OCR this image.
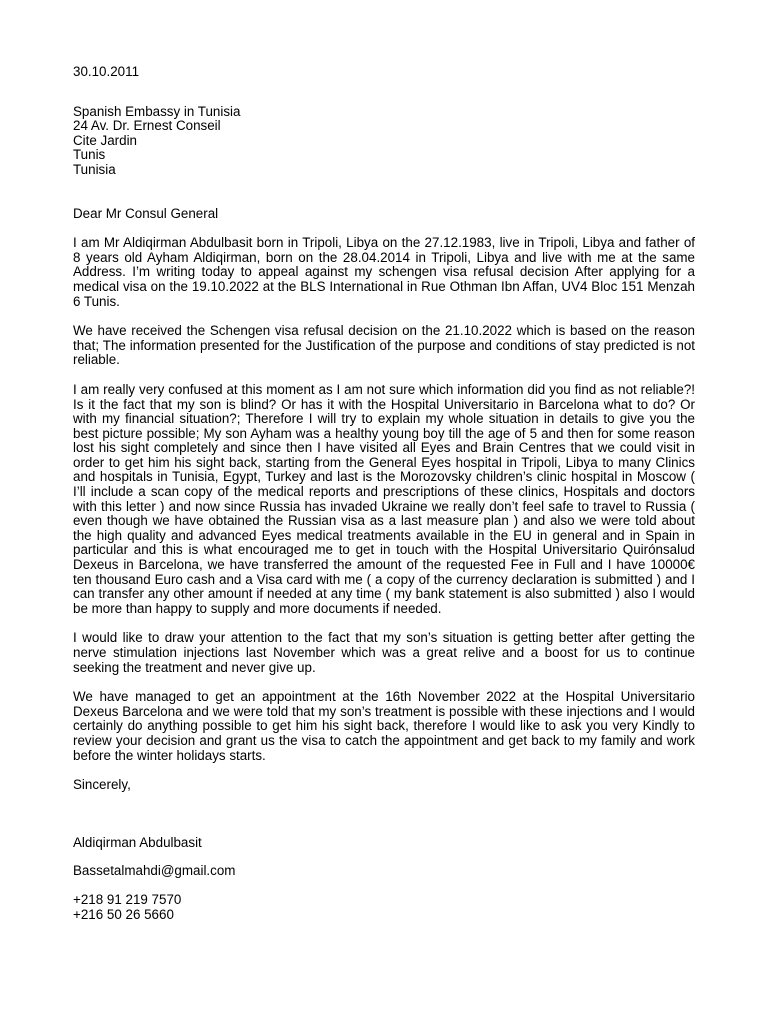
30.10.2011
Spanish Embassy in Tunisia
24 Av. Dr. Ernest Conseil
Cite Jardin
Tunis
Tunisia
Dear Mr Consul General

I am Mr Aldiqirman Abdulbasit born in Tripoli, Libya on the 27.12.1983, live in Tripoli, Libya and father of 8 years old Ayham Aldiqirman, born on the 28.04.2014 in Tripoli, Libya and live with me at the same Address. I’m writing today to appeal against my schengen visa refusal decision After applying for a medical visa on the 19.10.2022 at the BLS International in Rue Othman Ibn Affan, UV4 Bloc 151 Menzah 6 Tunis.

We have received the Schengen visa refusal decision on the 21.10.2022 which is based on the reason that; The information presented for the Justification of the purpose and conditions of stay predicted is not reliable.

I am really very confused at this moment as I am not sure which information did you find as not reliable?! Is it the fact that my son is blind? Or has it with the Hospital Universitario in Barcelona what to do? Or with my financial situation?; Therefore I will try to explain my whole situation in details to give you the best picture possible; My son Ayham was a healthy young boy till the age of 5 and then for some reason lost his sight completely and since then I have visited all Eyes and Brain Centres that we could visit in order to get him his sight back, starting from the General Eyes hospital in Tripoli, Libya to many Clinics and hospitals in Tunisia, Egypt, Turkey and last is the Morozovsky children’s clinic hospital in Moscow ( I’ll include a scan copy of the medical reports and prescriptions of these clinics, Hospitals and doctors with this letter ) and now since Russia has invaded Ukraine we really don’t feel safe to travel to Russia ( even though we have obtained the Russian visa as a last measure plan ) and also we were told about the high quality and advanced Eyes medical treatments available in the EU in general and in Spain in particular and this is what encouraged me to get in touch with the Hospital Universitario Quirónsalud Dexeus in Barcelona, we have transferred the amount of the requested Fee in Full and I have 10000€ ten thousand Euro cash and a Visa card with me ( a copy of the currency declaration is submitted ) and I can transfer any other amount if needed at any time ( my bank statement is also submitted ) also I would be more than happy to supply and more documents if needed.

I would like to draw your attention to the fact that my son’s situation is getting better after getting the nerve stimulation injections last November which was a great relive and a boost for us to continue seeking the treatment and never give up.

We have managed to get an appointment at the 16th November 2022 at the Hospital Universitario Dexeus Barcelona and we were told that my son’s treatment is possible with these injections and I would certainly do anything possible to get him his sight back, therefore I would like to ask you very Kindly to review your decision and grant us the visa to catch the appointment and get back to my family and work before the winter holidays starts.

Sincerely,
Aldiqirman Abdulbasit
Bassetalmahdi@gmail.com
+218 91 219 7570
+216 50 26 5660
